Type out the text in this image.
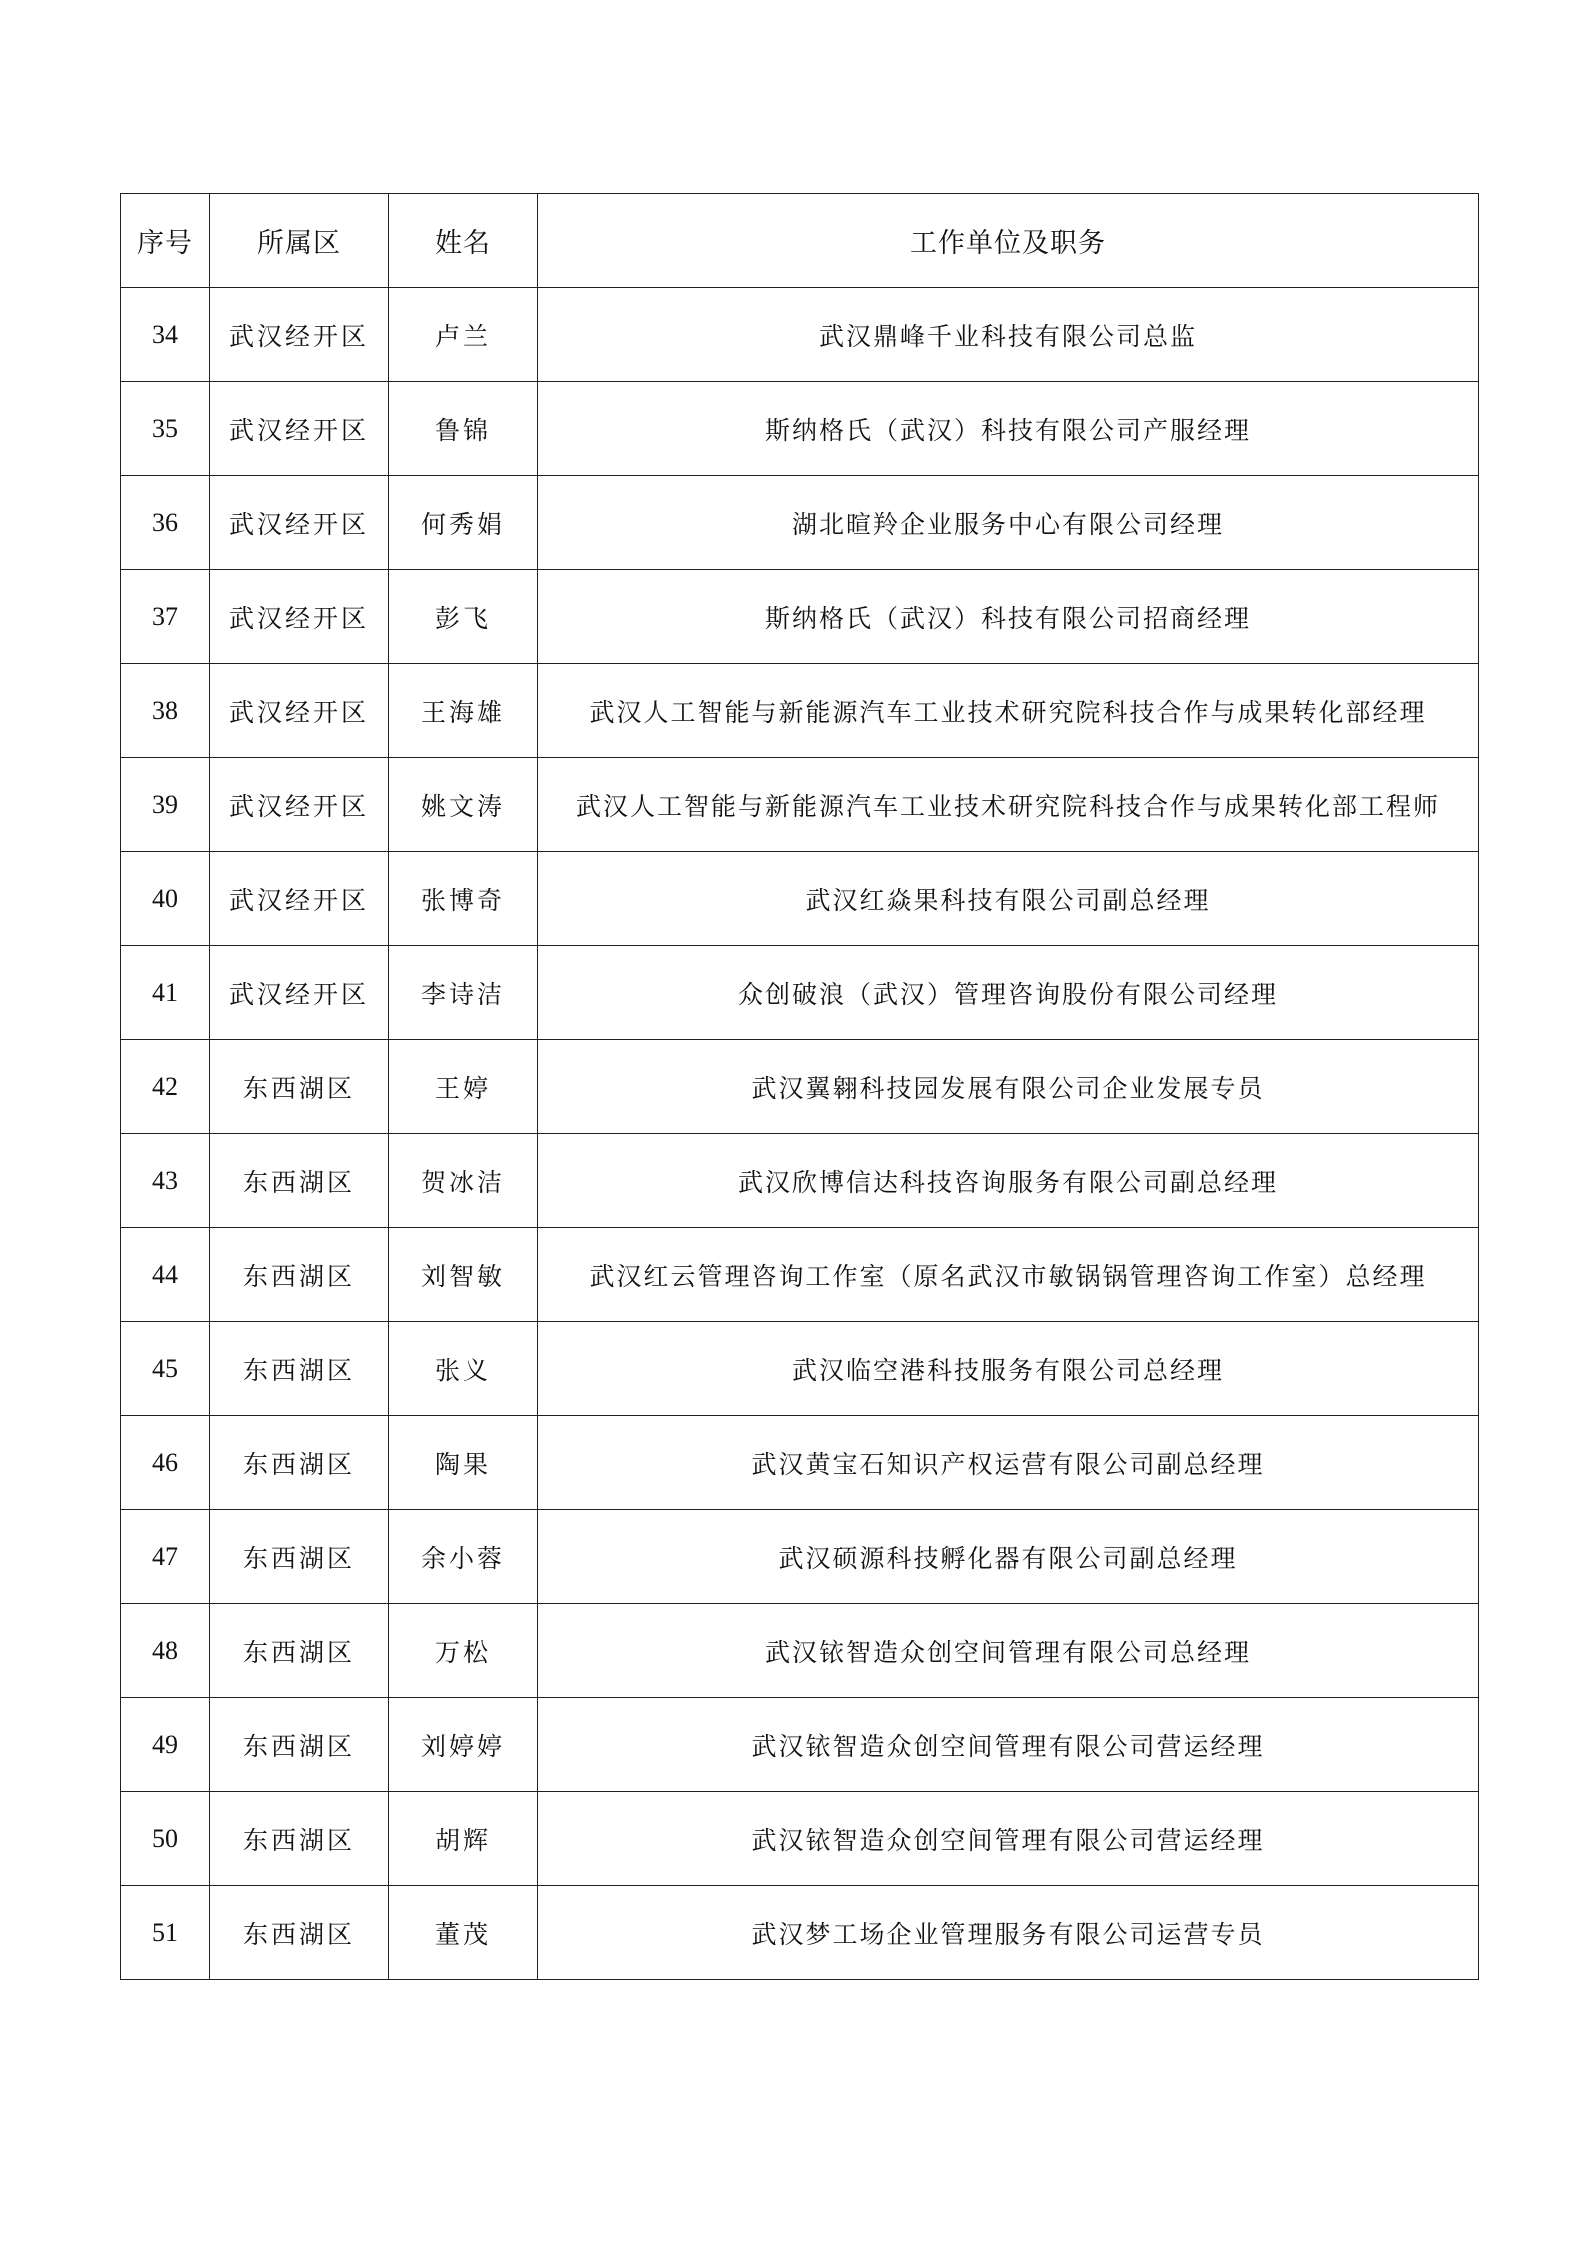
序号	所属区	姓名	工作单位及职务
34	武汉经开区	卢兰	武汉鼎峰千业科技有限公司总监
35	武汉经开区	鲁锦	斯纳格氏（武汉）科技有限公司产服经理
36	武汉经开区	何秀娟	湖北暄羚企业服务中心有限公司经理
37	武汉经开区	彭飞	斯纳格氏（武汉）科技有限公司招商经理
38	武汉经开区	王海雄	武汉人工智能与新能源汽车工业技术研究院科技合作与成果转化部经理
39	武汉经开区	姚文涛	武汉人工智能与新能源汽车工业技术研究院科技合作与成果转化部工程师
40	武汉经开区	张博奇	武汉红焱果科技有限公司副总经理
41	武汉经开区	李诗洁	众创破浪（武汉）管理咨询股份有限公司经理
42	东西湖区	王婷	武汉翼翱科技园发展有限公司企业发展专员
43	东西湖区	贺冰洁	武汉欣博信达科技咨询服务有限公司副总经理
44	东西湖区	刘智敏	武汉红云管理咨询工作室（原名武汉市敏锅锅管理咨询工作室）总经理
45	东西湖区	张义	武汉临空港科技服务有限公司总经理
46	东西湖区	陶果	武汉黄宝石知识产权运营有限公司副总经理
47	东西湖区	余小蓉	武汉硕源科技孵化器有限公司副总经理
48	东西湖区	万松	武汉铱智造众创空间管理有限公司总经理
49	东西湖区	刘婷婷	武汉铱智造众创空间管理有限公司营运经理
50	东西湖区	胡辉	武汉铱智造众创空间管理有限公司营运经理
51	东西湖区	董茂	武汉梦工场企业管理服务有限公司运营专员
